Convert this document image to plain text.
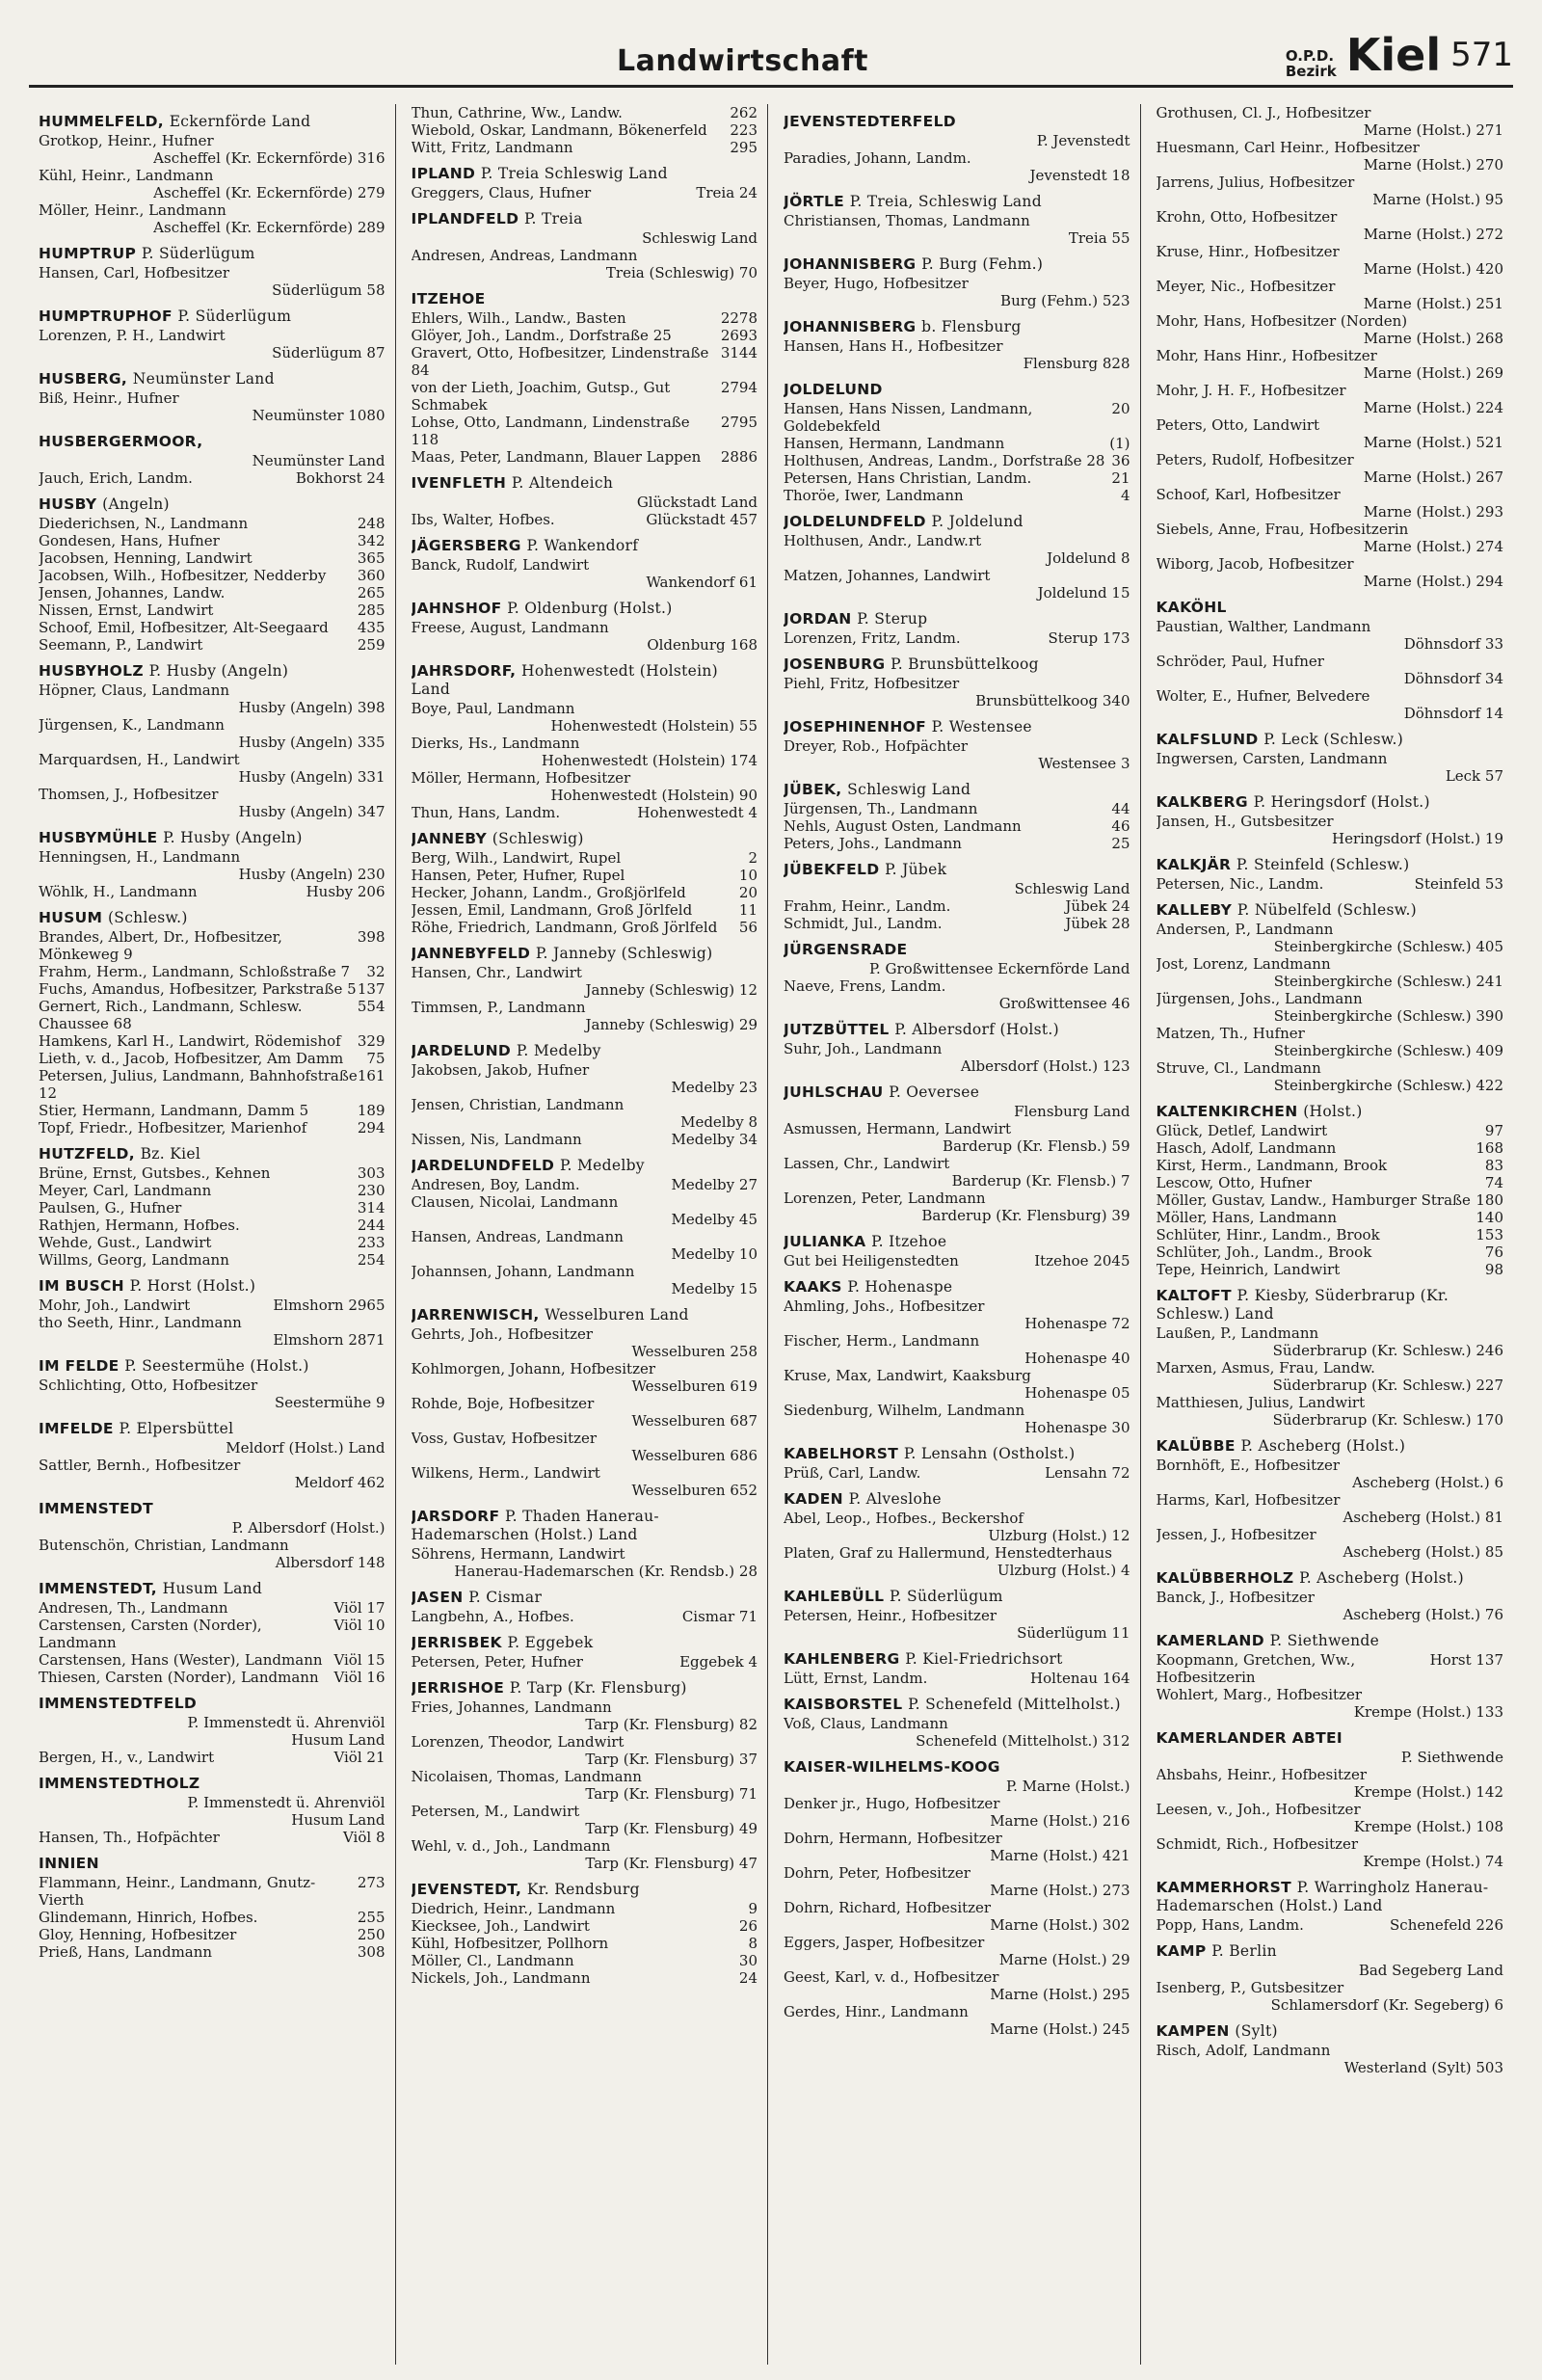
Landwirtschaft	O.P.D.
Bezirk Kiel 571
HUMMELFELD, Eckernförde Land
Grotkop, Heinr., Hufner
Ascheffel (Kr. Eckernförde) 316
Kühl, Heinr., Landmann
Ascheffel (Kr. Eckernförde) 279
Möller, Heinr., Landmann
Ascheffel (Kr. Eckernförde) 289
HUMPTRUP P. Süderlügum
Hansen, Carl, Hofbesitzer
Süderlügum 58
HUMPTRUPHOF P. Süderlügum
Lorenzen, P. H., Landwirt
Süderlügum 87
HUSBERG, Neumünster Land
Biß, Heinr., Hufner
Neumünster 1080
HUSBERGERMOOR,
Neumünster Land
Bokhorst 24
Jauch, Erich, Landm.
HUSBY (Angeln)
248
Diederichsen, N., Landmann
342
Gondesen, Hans, Hufner
365
Jacobsen, Henning, Landwirt
360
Jacobsen, Wilh., Hofbesitzer, Nedderby
265
Jensen, Johannes, Landw.
285
Nissen, Ernst, Landwirt
435
Schoof, Emil, Hofbesitzer, Alt-Seegaard
259
Seemann, P., Landwirt
HUSBYHOLZ P. Husby (Angeln)
Höpner, Claus, Landmann
Husby (Angeln) 398
Jürgensen, K., Landmann
Husby (Angeln) 335
Marquardsen, H., Landwirt
Husby (Angeln) 331
Thomsen, J., Hofbesitzer
Husby (Angeln) 347
HUSBYMÜHLE P. Husby (Angeln)
Henningsen, H., Landmann
Husby (Angeln) 230
Husby 206
Wöhlk, H., Landmann
HUSUM (Schlesw.)
398
Brandes, Albert, Dr., Hofbesitzer, Mönkeweg 9
32
Frahm, Herm., Landmann, Schloßstraße 7
137
Fuchs, Amandus, Hofbesitzer, Parkstraße 5
554
Gernert, Rich., Landmann, Schlesw. Chaussee 68
329
Hamkens, Karl H., Landwirt, Rödemishof
75
Lieth, v. d., Jacob, Hofbesitzer, Am Damm
161
Petersen, Julius, Landmann, Bahnhofstraße 12
189
Stier, Hermann, Landmann, Damm 5
294
Topf, Friedr., Hofbesitzer, Marienhof
HUTZFELD, Bz. Kiel
303
Brüne, Ernst, Gutsbes., Kehnen
230
Meyer, Carl, Landmann
314
Paulsen, G., Hufner
244
Rathjen, Hermann, Hofbes.
233
Wehde, Gust., Landwirt
254
Willms, Georg, Landmann
IM BUSCH P. Horst (Holst.)
Elmshorn 2965
Mohr, Joh., Landwirt
tho Seeth, Hinr., Landmann
Elmshorn 2871
IM FELDE P. Seestermühe (Holst.)
Schlichting, Otto, Hofbesitzer
Seestermühe 9
IMFELDE P. Elpersbüttel
Meldorf (Holst.) Land
Sattler, Bernh., Hofbesitzer
Meldorf 462
IMMENSTEDT
P. Albersdorf (Holst.)
Butenschön, Christian, Landmann
Albersdorf 148
IMMENSTEDT, Husum Land
Viöl 17
Andresen, Th., Landmann
Viöl 10
Carstensen, Carsten (Norder), Landmann
Viöl 15
Carstensen, Hans (Wester), Landmann
Viöl 16
Thiesen, Carsten (Norder), Landmann
IMMENSTEDTFELD
P. Immenstedt ü. Ahrenviöl
Husum Land
Viöl 21
Bergen, H., v., Landwirt
IMMENSTEDTHOLZ
P. Immenstedt ü. Ahrenviöl
Husum Land
Viöl 8
Hansen, Th., Hofpächter
INNIEN
273
Flammann, Heinr., Landmann, Gnutz-Vierth
255
Glindemann, Hinrich, Hofbes.
250
Gloy, Henning, Hofbesitzer
308
Prieß, Hans, Landmann
262
Thun, Cathrine, Ww., Landw.
223
Wiebold, Oskar, Landmann, Bökenerfeld
295
Witt, Fritz, Landmann
IPLAND P. Treia Schleswig Land
Treia 24
Greggers, Claus, Hufner
IPLANDFELD P. Treia
Schleswig Land
Andresen, Andreas, Landmann
Treia (Schleswig) 70
ITZEHOE
2278
Ehlers, Wilh., Landw., Basten
2693
Glöyer, Joh., Landm., Dorfstraße 25
3144
Gravert, Otto, Hofbesitzer, Lindenstraße 84
2794
von der Lieth, Joachim, Gutsp., Gut Schmabek
2795
Lohse, Otto, Landmann, Lindenstraße 118
2886
Maas, Peter, Landmann, Blauer Lappen
IVENFLETH P. Altendeich
Glückstadt Land
Glückstadt 457
Ibs, Walter, Hofbes.
JÄGERSBERG P. Wankendorf
Banck, Rudolf, Landwirt
Wankendorf 61
JAHNSHOF P. Oldenburg (Holst.)
Freese, August, Landmann
Oldenburg 168
JAHRSDORF, Hohenwestedt (Holstein) Land
Boye, Paul, Landmann
Hohenwestedt (Holstein) 55
Dierks, Hs., Landmann
Hohenwestedt (Holstein) 174
Möller, Hermann, Hofbesitzer
Hohenwestedt (Holstein) 90
Hohenwestedt 4
Thun, Hans, Landm.
JANNEBY (Schleswig)
2
Berg, Wilh., Landwirt, Rupel
10
Hansen, Peter, Hufner, Rupel
20
Hecker, Johann, Landm., Großjörlfeld
11
Jessen, Emil, Landmann, Groß Jörlfeld
56
Röhe, Friedrich, Landmann, Groß Jörlfeld
JANNEBYFELD P. Janneby (Schleswig)
Hansen, Chr., Landwirt
Janneby (Schleswig) 12
Timmsen, P., Landmann
Janneby (Schleswig) 29
JARDELUND P. Medelby
Jakobsen, Jakob, Hufner
Medelby 23
Jensen, Christian, Landmann
Medelby 8
Medelby 34
Nissen, Nis, Landmann
JARDELUNDFELD P. Medelby
Medelby 27
Andresen, Boy, Landm.
Clausen, Nicolai, Landmann
Medelby 45
Hansen, Andreas, Landmann
Medelby 10
Johannsen, Johann, Landmann
Medelby 15
JARRENWISCH, Wesselburen Land
Gehrts, Joh., Hofbesitzer
Wesselburen 258
Kohlmorgen, Johann, Hofbesitzer
Wesselburen 619
Rohde, Boje, Hofbesitzer
Wesselburen 687
Voss, Gustav, Hofbesitzer
Wesselburen 686
Wilkens, Herm., Landwirt
Wesselburen 652
JARSDORF P. Thaden Hanerau-Hademarschen (Holst.) Land
Söhrens, Hermann, Landwirt
Hanerau-Hademarschen (Kr. Rendsb.) 28
JASEN P. Cismar
Cismar 71
Langbehn, A., Hofbes.
JERRISBEK P. Eggebek
Eggebek 4
Petersen, Peter, Hufner
JERRISHOE P. Tarp (Kr. Flensburg)
Fries, Johannes, Landmann
Tarp (Kr. Flensburg) 82
Lorenzen, Theodor, Landwirt
Tarp (Kr. Flensburg) 37
Nicolaisen, Thomas, Landmann
Tarp (Kr. Flensburg) 71
Petersen, M., Landwirt
Tarp (Kr. Flensburg) 49
Wehl, v. d., Joh., Landmann
Tarp (Kr. Flensburg) 47
JEVENSTEDT, Kr. Rendsburg
9
Diedrich, Heinr., Landmann
26
Kiecksee, Joh., Landwirt
8
Kühl, Hofbesitzer, Pollhorn
30
Möller, Cl., Landmann
24
Nickels, Joh., Landmann
JEVENSTEDTERFELD
P. Jevenstedt
Paradies, Johann, Landm.
Jevenstedt 18
JÖRTLE P. Treia, Schleswig Land
Christiansen, Thomas, Landmann
Treia 55
JOHANNISBERG P. Burg (Fehm.)
Beyer, Hugo, Hofbesitzer
Burg (Fehm.) 523
JOHANNISBERG b. Flensburg
Hansen, Hans H., Hofbesitzer
Flensburg 828
JOLDELUND
20
Hansen, Hans Nissen, Landmann, Goldebekfeld
(1)
Hansen, Hermann, Landmann
36
Holthusen, Andreas, Landm., Dorfstraße 28
21
Petersen, Hans Christian, Landm.
4
Thoröe, Iwer, Landmann
JOLDELUNDFELD P. Joldelund
Holthusen, Andr., Landw.rt
Joldelund 8
Matzen, Johannes, Landwirt
Joldelund 15
JORDAN P. Sterup
Sterup 173
Lorenzen, Fritz, Landm.
JOSENBURG P. Brunsbüttelkoog
Piehl, Fritz, Hofbesitzer
Brunsbüttelkoog 340
JOSEPHINENHOF P. Westensee
Dreyer, Rob., Hofpächter
Westensee 3
JÜBEK, Schleswig Land
44
Jürgensen, Th., Landmann
46
Nehls, August Osten, Landmann
25
Peters, Johs., Landmann
JÜBEKFELD P. Jübek
Schleswig Land
Jübek 24
Frahm, Heinr., Landm.
Jübek 28
Schmidt, Jul., Landm.
JÜRGENSRADE
P. Großwittensee Eckernförde Land
Naeve, Frens, Landm.
Großwittensee 46
JUTZBÜTTEL P. Albersdorf (Holst.)
Suhr, Joh., Landmann
Albersdorf (Holst.) 123
JUHLSCHAU P. Oeversee
Flensburg Land
Asmussen, Hermann, Landwirt
Barderup (Kr. Flensb.) 59
Lassen, Chr., Landwirt
Barderup (Kr. Flensb.) 7
Lorenzen, Peter, Landmann
Barderup (Kr. Flensburg) 39
JULIANKA P. Itzehoe
Itzehoe 2045
Gut bei Heiligenstedten
KAAKS P. Hohenaspe
Ahmling, Johs., Hofbesitzer
Hohenaspe 72
Fischer, Herm., Landmann
Hohenaspe 40
Kruse, Max, Landwirt, Kaaksburg
Hohenaspe 05
Siedenburg, Wilhelm, Landmann
Hohenaspe 30
KABELHORST P. Lensahn (Ostholst.)
Lensahn 72
Prüß, Carl, Landw.
KADEN P. Alveslohe
Abel, Leop., Hofbes., Beckershof
Ulzburg (Holst.) 12
Platen, Graf zu Hallermund, Henstedterhaus
Ulzburg (Holst.) 4
KAHLEBÜLL P. Süderlügum
Petersen, Heinr., Hofbesitzer
Süderlügum 11
KAHLENBERG P. Kiel-Friedrichsort
Holtenau 164
Lütt, Ernst, Landm.
KAISBORSTEL P. Schenefeld (Mittelholst.)
Voß, Claus, Landmann
Schenefeld (Mittelholst.) 312
KAISER-WILHELMS-KOOG
P. Marne (Holst.)
Denker jr., Hugo, Hofbesitzer
Marne (Holst.) 216
Dohrn, Hermann, Hofbesitzer
Marne (Holst.) 421
Dohrn, Peter, Hofbesitzer
Marne (Holst.) 273
Dohrn, Richard, Hofbesitzer
Marne (Holst.) 302
Eggers, Jasper, Hofbesitzer
Marne (Holst.) 29
Geest, Karl, v. d., Hofbesitzer
Marne (Holst.) 295
Gerdes, Hinr., Landmann
Marne (Holst.) 245
Grothusen, Cl. J., Hofbesitzer
Marne (Holst.) 271
Huesmann, Carl Heinr., Hofbesitzer
Marne (Holst.) 270
Jarrens, Julius, Hofbesitzer
Marne (Holst.) 95
Krohn, Otto, Hofbesitzer
Marne (Holst.) 272
Kruse, Hinr., Hofbesitzer
Marne (Holst.) 420
Meyer, Nic., Hofbesitzer
Marne (Holst.) 251
Mohr, Hans, Hofbesitzer (Norden)
Marne (Holst.) 268
Mohr, Hans Hinr., Hofbesitzer
Marne (Holst.) 269
Mohr, J. H. F., Hofbesitzer
Marne (Holst.) 224
Peters, Otto, Landwirt
Marne (Holst.) 521
Peters, Rudolf, Hofbesitzer
Marne (Holst.) 267
Schoof, Karl, Hofbesitzer
Marne (Holst.) 293
Siebels, Anne, Frau, Hofbesitzerin
Marne (Holst.) 274
Wiborg, Jacob, Hofbesitzer
Marne (Holst.) 294
KAKÖHL
Paustian, Walther, Landmann
Döhnsdorf 33
Schröder, Paul, Hufner
Döhnsdorf 34
Wolter, E., Hufner, Belvedere
Döhnsdorf 14
KALFSLUND P. Leck (Schlesw.)
Ingwersen, Carsten, Landmann
Leck 57
KALKBERG P. Heringsdorf (Holst.)
Jansen, H., Gutsbesitzer
Heringsdorf (Holst.) 19
KALKJÄR P. Steinfeld (Schlesw.)
Steinfeld 53
Petersen, Nic., Landm.
KALLEBY P. Nübelfeld (Schlesw.)
Andersen, P., Landmann
Steinbergkirche (Schlesw.) 405
Jost, Lorenz, Landmann
Steinbergkirche (Schlesw.) 241
Jürgensen, Johs., Landmann
Steinbergkirche (Schlesw.) 390
Matzen, Th., Hufner
Steinbergkirche (Schlesw.) 409
Struve, Cl., Landmann
Steinbergkirche (Schlesw.) 422
KALTENKIRCHEN (Holst.)
97
Glück, Detlef, Landwirt
168
Hasch, Adolf, Landmann
83
Kirst, Herm., Landmann, Brook
74
Lescow, Otto, Hufner
180
Möller, Gustav, Landw., Hamburger Straße
140
Möller, Hans, Landmann
153
Schlüter, Hinr., Landm., Brook
76
Schlüter, Joh., Landm., Brook
98
Tepe, Heinrich, Landwirt
KALTOFT P. Kiesby, Süderbrarup (Kr. Schlesw.) Land
Laußen, P., Landmann
Süderbrarup (Kr. Schlesw.) 246
Marxen, Asmus, Frau, Landw.
Süderbrarup (Kr. Schlesw.) 227
Matthiesen, Julius, Landwirt
Süderbrarup (Kr. Schlesw.) 170
KALÜBBE P. Ascheberg (Holst.)
Bornhöft, E., Hofbesitzer
Ascheberg (Holst.) 6
Harms, Karl, Hofbesitzer
Ascheberg (Holst.) 81
Jessen, J., Hofbesitzer
Ascheberg (Holst.) 85
KALÜBBERHOLZ P. Ascheberg (Holst.)
Banck, J., Hofbesitzer
Ascheberg (Holst.) 76
KAMERLAND P. Siethwende
Horst 137
Koopmann, Gretchen, Ww., Hofbesitzerin
Wohlert, Marg., Hofbesitzer
Krempe (Holst.) 133
KAMERLANDER ABTEI
P. Siethwende
Ahsbahs, Heinr., Hofbesitzer
Krempe (Holst.) 142
Leesen, v., Joh., Hofbesitzer
Krempe (Holst.) 108
Schmidt, Rich., Hofbesitzer
Krempe (Holst.) 74
KAMMERHORST P. Warringholz Hanerau-Hademarschen (Holst.) Land
Schenefeld 226
Popp, Hans, Landm.
KAMP P. Berlin
Bad Segeberg Land
Isenberg, P., Gutsbesitzer
Schlamersdorf (Kr. Segeberg) 6
KAMPEN (Sylt)
Risch, Adolf, Landmann
Westerland (Sylt) 503
